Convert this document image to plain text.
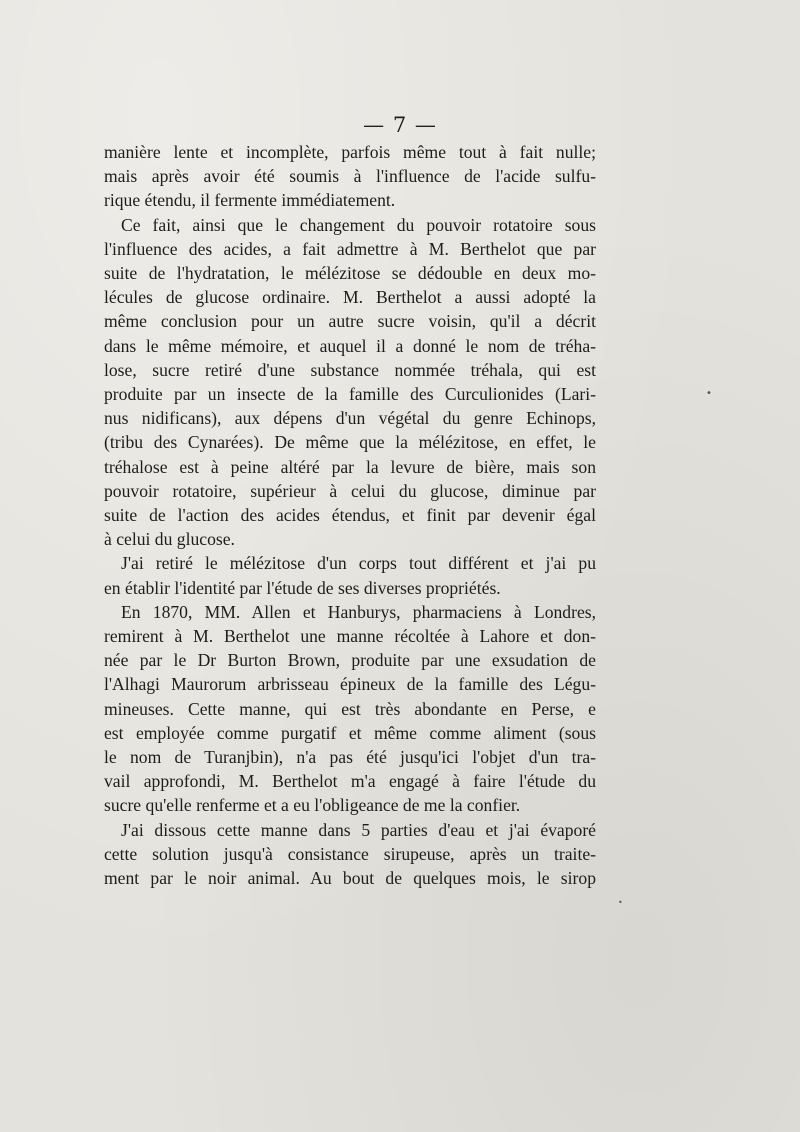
— 7 —

manière lente et incomplète, parfois même tout à fait nulle;
mais après avoir été soumis à l'influence de l'acide sulfu-
rique étendu, il fermente immédiatement.

Ce fait, ainsi que le changement du pouvoir rotatoire sous
l'influence des acides, a fait admettre à M. Berthelot que par
suite de l'hydratation, le mélézitose se dédouble en deux mo-
lécules de glucose ordinaire. M. Berthelot a aussi adopté la
même conclusion pour un autre sucre voisin, qu'il a décrit
dans le même mémoire, et auquel il a donné le nom de tréha-
lose, sucre retiré d'une substance nommée tréhala, qui est
produite par un insecte de la famille des Curculionides (Lari-
nus nidificans), aux dépens d'un végétal du genre Echinops,
(tribu des Cynarées). De même que la mélézitose, en effet, le
tréhalose est à peine altéré par la levure de bière, mais son
pouvoir rotatoire, supérieur à celui du glucose, diminue par
suite de l'action des acides étendus, et finit par devenir égal
à celui du glucose.

J'ai retiré le mélézitose d'un corps tout différent et j'ai pu
en établir l'identité par l'étude de ses diverses propriétés.

En 1870, MM. Allen et Hanburys, pharmaciens à Londres,
remirent à M. Berthelot une manne récoltée à Lahore et don-
née par le Dr Burton Brown, produite par une exsudation de
l'Alhagi Maurorum arbrisseau épineux de la famille des Légu-
mineuses. Cette manne, qui est très abondante en Perse, e
est employée comme purgatif et même comme aliment (sous
le nom de Turanjbin), n'a pas été jusqu'ici l'objet d'un tra-
vail approfondi, M. Berthelot m'a engagé à faire l'étude du
sucre qu'elle renferme et a eu l'obligeance de me la confier.

J'ai dissous cette manne dans 5 parties d'eau et j'ai évaporé
cette solution jusqu'à consistance sirupeuse, après un traite-
ment par le noir animal. Au bout de quelques mois, le sirop

•
•
